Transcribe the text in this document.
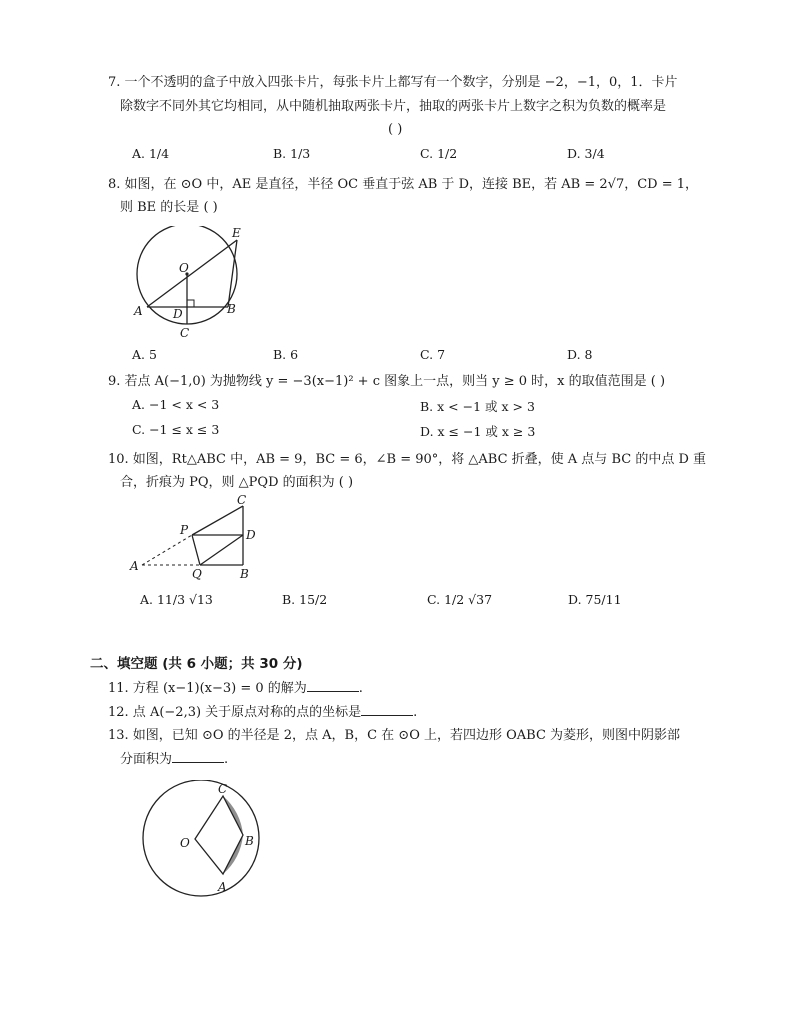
7. 一个不透明的盒子中放入四张卡片，每张卡片上都写有一个数字，分别是 −2，−1，0，1．卡片
除数字不同外其它均相同，从中随机抽取两张卡片，抽取的两张卡片上数字之积为负数的概率是
( )
A. 1/4	B. 1/3	C. 1/2	D. 3/4
8. 如图，在 ⊙O 中，AE 是直径，半径 OC 垂直于弦 AB 于 D，连接 BE，若 AB = 2√7，CD = 1，
则 BE 的长是 ( )
E
O
A	D	B
C
A. 5	B. 6	C. 7	D. 8
9. 若点 A(−1,0) 为抛物线 y = −3(x−1)² + c 图象上一点，则当 y ≥ 0 时，x 的取值范围是 ( )
A. −1 < x < 3	B. x < −1 或 x > 3
C. −1 ≤ x ≤ 3	D. x ≤ −1 或 x ≥ 3
10. 如图，Rt△ABC 中，AB = 9，BC = 6，∠B = 90°，将 △ABC 折叠，使 A 点与 BC 的中点 D 重
合，折痕为 PQ，则 △PQD 的面积为 ( )
C
P	D
A
Q	B
A. 11/3 √13	B. 15/2	C. 1/2 √37	D. 75/11
二、填空题 (共 6 小题；共 30 分)
11. 方程 (x−1)(x−3) = 0 的解为	.
12. 点 A(−2,3) 关于原点对称的点的坐标是	.
13. 如图，已知 ⊙O 的半径是 2，点 A，B，C 在 ⊙O 上，若四边形 OABC 为菱形，则图中阴影部
分面积为	.
C
O	B
A
